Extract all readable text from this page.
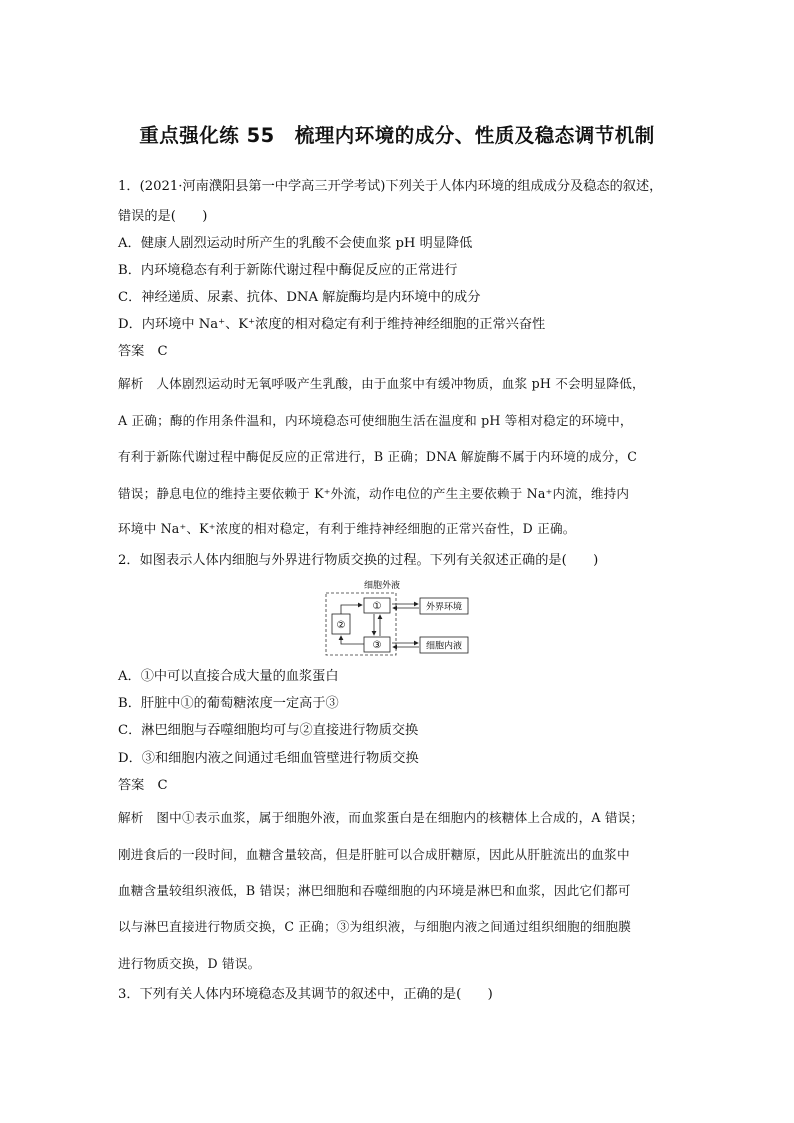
重点强化练 55　梳理内环境的成分、性质及稳态调节机制
1．(2021·河南濮阳县第一中学高三开学考试)下列关于人体内环境的组成成分及稳态的叙述，
错误的是(　　)
A．健康人剧烈运动时所产生的乳酸不会使血浆 pH 明显降低
B．内环境稳态有利于新陈代谢过程中酶促反应的正常进行
C．神经递质、尿素、抗体、DNA 解旋酶均是内环境中的成分
D．内环境中 Na⁺、K⁺浓度的相对稳定有利于维持神经细胞的正常兴奋性
答案　C
解析　人体剧烈运动时无氧呼吸产生乳酸，由于血浆中有缓冲物质，血浆 pH 不会明显降低，
A 正确；酶的作用条件温和，内环境稳态可使细胞生活在温度和 pH 等相对稳定的环境中，
有利于新陈代谢过程中酶促反应的正常进行，B 正确；DNA 解旋酶不属于内环境的成分，C
错误；静息电位的维持主要依赖于 K⁺外流，动作电位的产生主要依赖于 Na⁺内流，维持内
环境中 Na⁺、K⁺浓度的相对稳定，有利于维持神经细胞的正常兴奋性，D 正确。
2．如图表示人体内细胞与外界进行物质交换的过程。下列有关叙述正确的是(　　)
细胞外液
①
②
③
外界环境
细胞内液
A．①中可以直接合成大量的血浆蛋白
B．肝脏中①的葡萄糖浓度一定高于③
C．淋巴细胞与吞噬细胞均可与②直接进行物质交换
D．③和细胞内液之间通过毛细血管壁进行物质交换
答案　C
解析　图中①表示血浆，属于细胞外液，而血浆蛋白是在细胞内的核糖体上合成的，A 错误；
刚进食后的一段时间，血糖含量较高，但是肝脏可以合成肝糖原，因此从肝脏流出的血浆中
血糖含量较组织液低，B 错误；淋巴细胞和吞噬细胞的内环境是淋巴和血浆，因此它们都可
以与淋巴直接进行物质交换，C 正确；③为组织液，与细胞内液之间通过组织细胞的细胞膜
进行物质交换，D 错误。
3．下列有关人体内环境稳态及其调节的叙述中，正确的是(　　)
